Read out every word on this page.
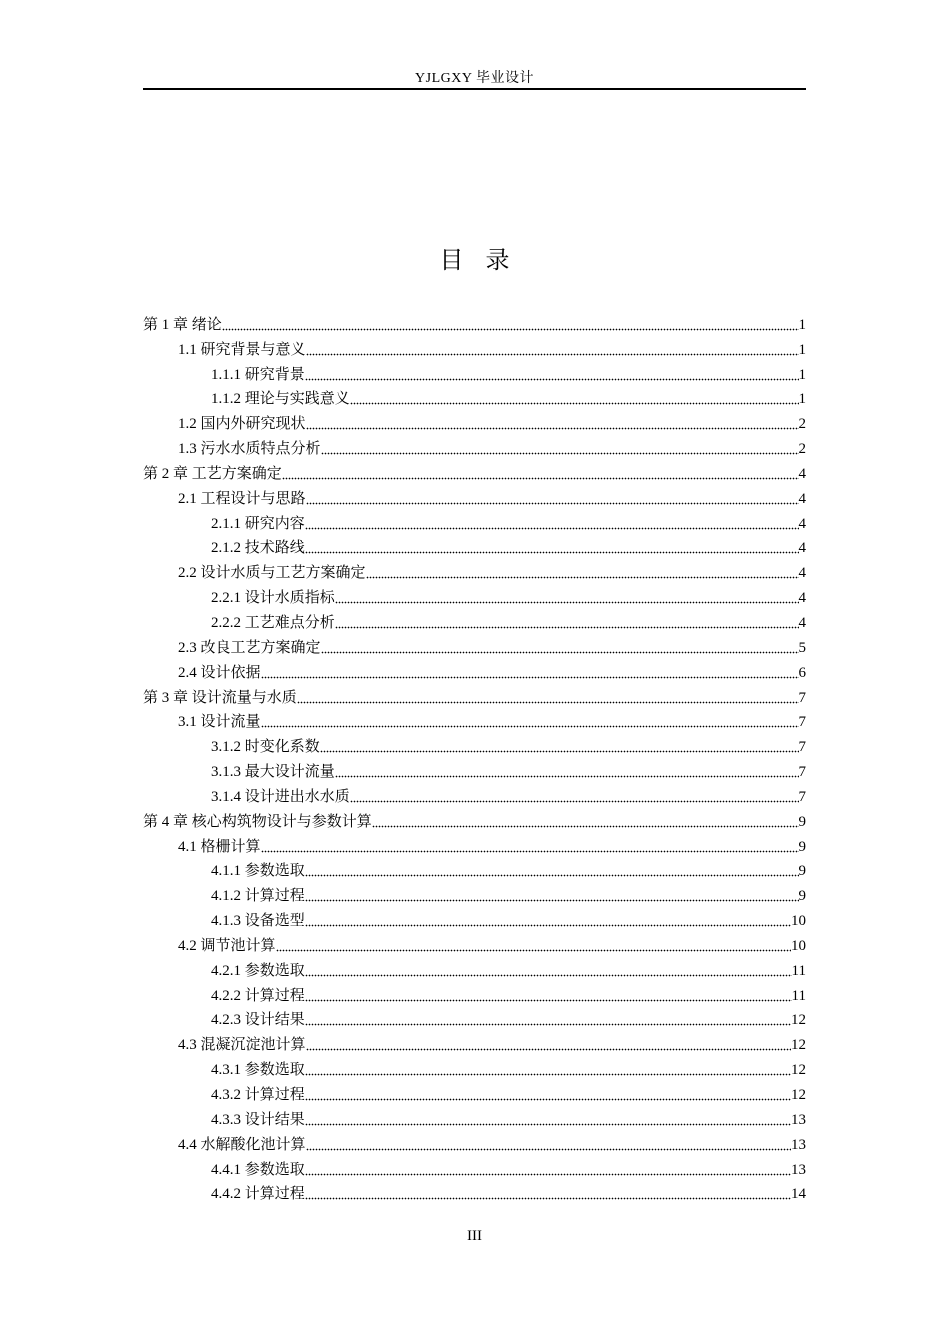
YJLGXY 毕业设计
目录
第 1 章 绪论	1
1.1 研究背景与意义	1
1.1.1 研究背景	1
1.1.2 理论与实践意义	1
1.2 国内外研究现状	2
1.3 污水水质特点分析	2
第 2 章 工艺方案确定	4
2.1 工程设计与思路	4
2.1.1 研究内容	4
2.1.2 技术路线	4
2.2 设计水质与工艺方案确定	4
2.2.1 设计水质指标	4
2.2.2 工艺难点分析	4
2.3 改良工艺方案确定	5
2.4 设计依据	6
第 3 章 设计流量与水质	7
3.1 设计流量	7
3.1.2 时变化系数	7
3.1.3 最大设计流量	7
3.1.4 设计进出水水质	7
第 4 章 核心构筑物设计与参数计算	9
4.1 格栅计算	9
4.1.1 参数选取	9
4.1.2 计算过程	9
4.1.3 设备选型	10
4.2 调节池计算	10
4.2.1 参数选取	11
4.2.2 计算过程	11
4.2.3 设计结果	12
4.3 混凝沉淀池计算	12
4.3.1 参数选取	12
4.3.2 计算过程	12
4.3.3 设计结果	13
4.4 水解酸化池计算	13
4.4.1 参数选取	13
4.4.2 计算过程	14
III
